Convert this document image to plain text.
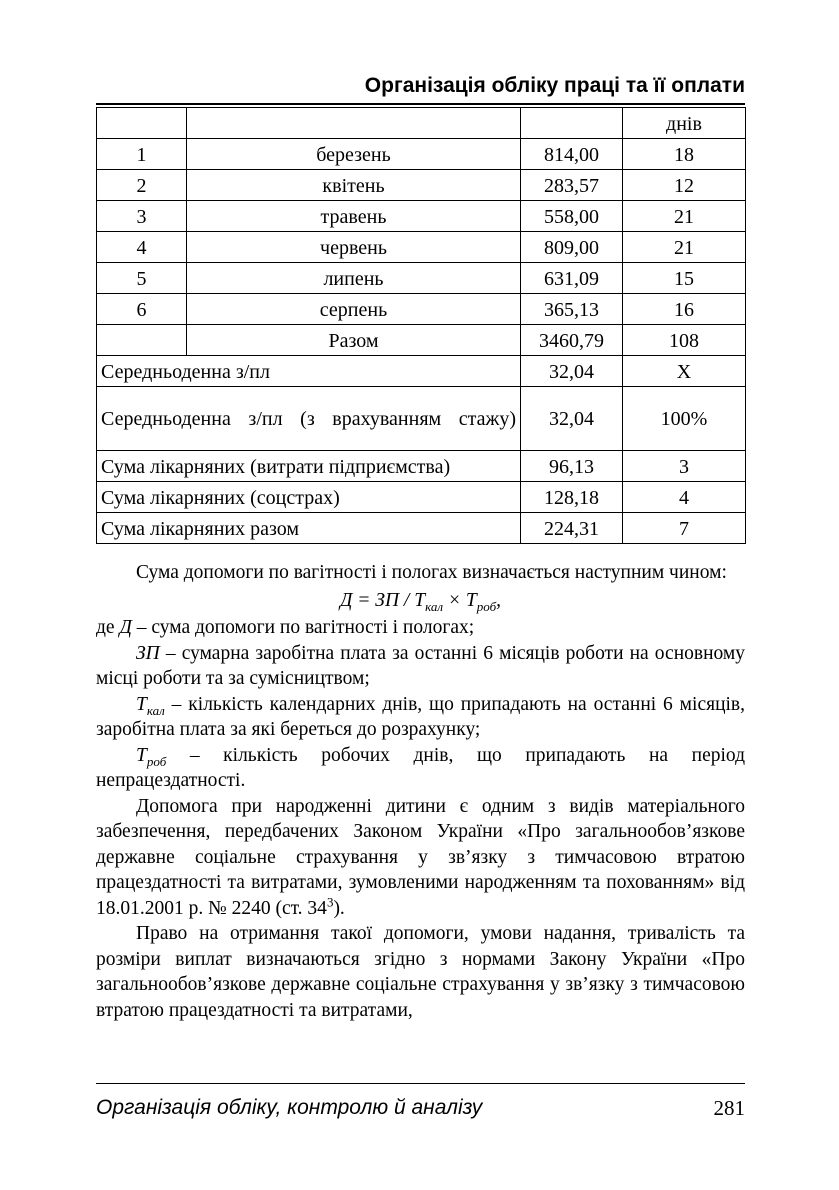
Організація обліку праці та її оплати
			днів
1	березень	814,00	18
2	квітень	283,57	12
3	травень	558,00	21
4	червень	809,00	21
5	липень	631,09	15
6	серпень	365,13	16
	Разом	3460,79	108
Середньоденна з/пл		32,04	Х
Середньоденна з/пл (з врахуванням стажу)		32,04	100%
Сума лікарняних (витрати підприємства)		96,13	3
Сума лікарняних (соцстрах)		128,18	4
Сума лікарняних разом		224,31	7

Сума допомоги по вагітності і пологах визначається наступним чином:

Д = ЗП / $Т_{кал} \times Т_{роб}$,

де Д – сума допомоги по вагітності і пологах;

ЗП – сумарна заробітна плата за останні 6 місяців роботи на основному місці роботи та за сумісництвом;

$Т_{кал}$ – кількість календарних днів, що припадають на останні 6 місяців, заробітна плата за які береться до розрахунку;

$Т_{роб}$ – кількість робочих днів, що припадають на період непрацездатності.

Допомога при народженні дитини є одним з видів матеріального забезпечення, передбачених Законом України «Про загальнообов’язкове державне соціальне страхування у зв’язку з тимчасовою втратою працездатності та витратами, зумовленими народженням та похованням» від 18.01.2001 р. № 2240 (ст. $34^3$).

Право на отримання такої допомоги, умови надання, тривалість та розміри виплат визначаються згідно з нормами Закону України «Про загальнообов’язкове державне соціальне страхування у зв’язку з тимчасовою втратою працездатності та витратами,

Організація обліку, контролю й аналізу	281
